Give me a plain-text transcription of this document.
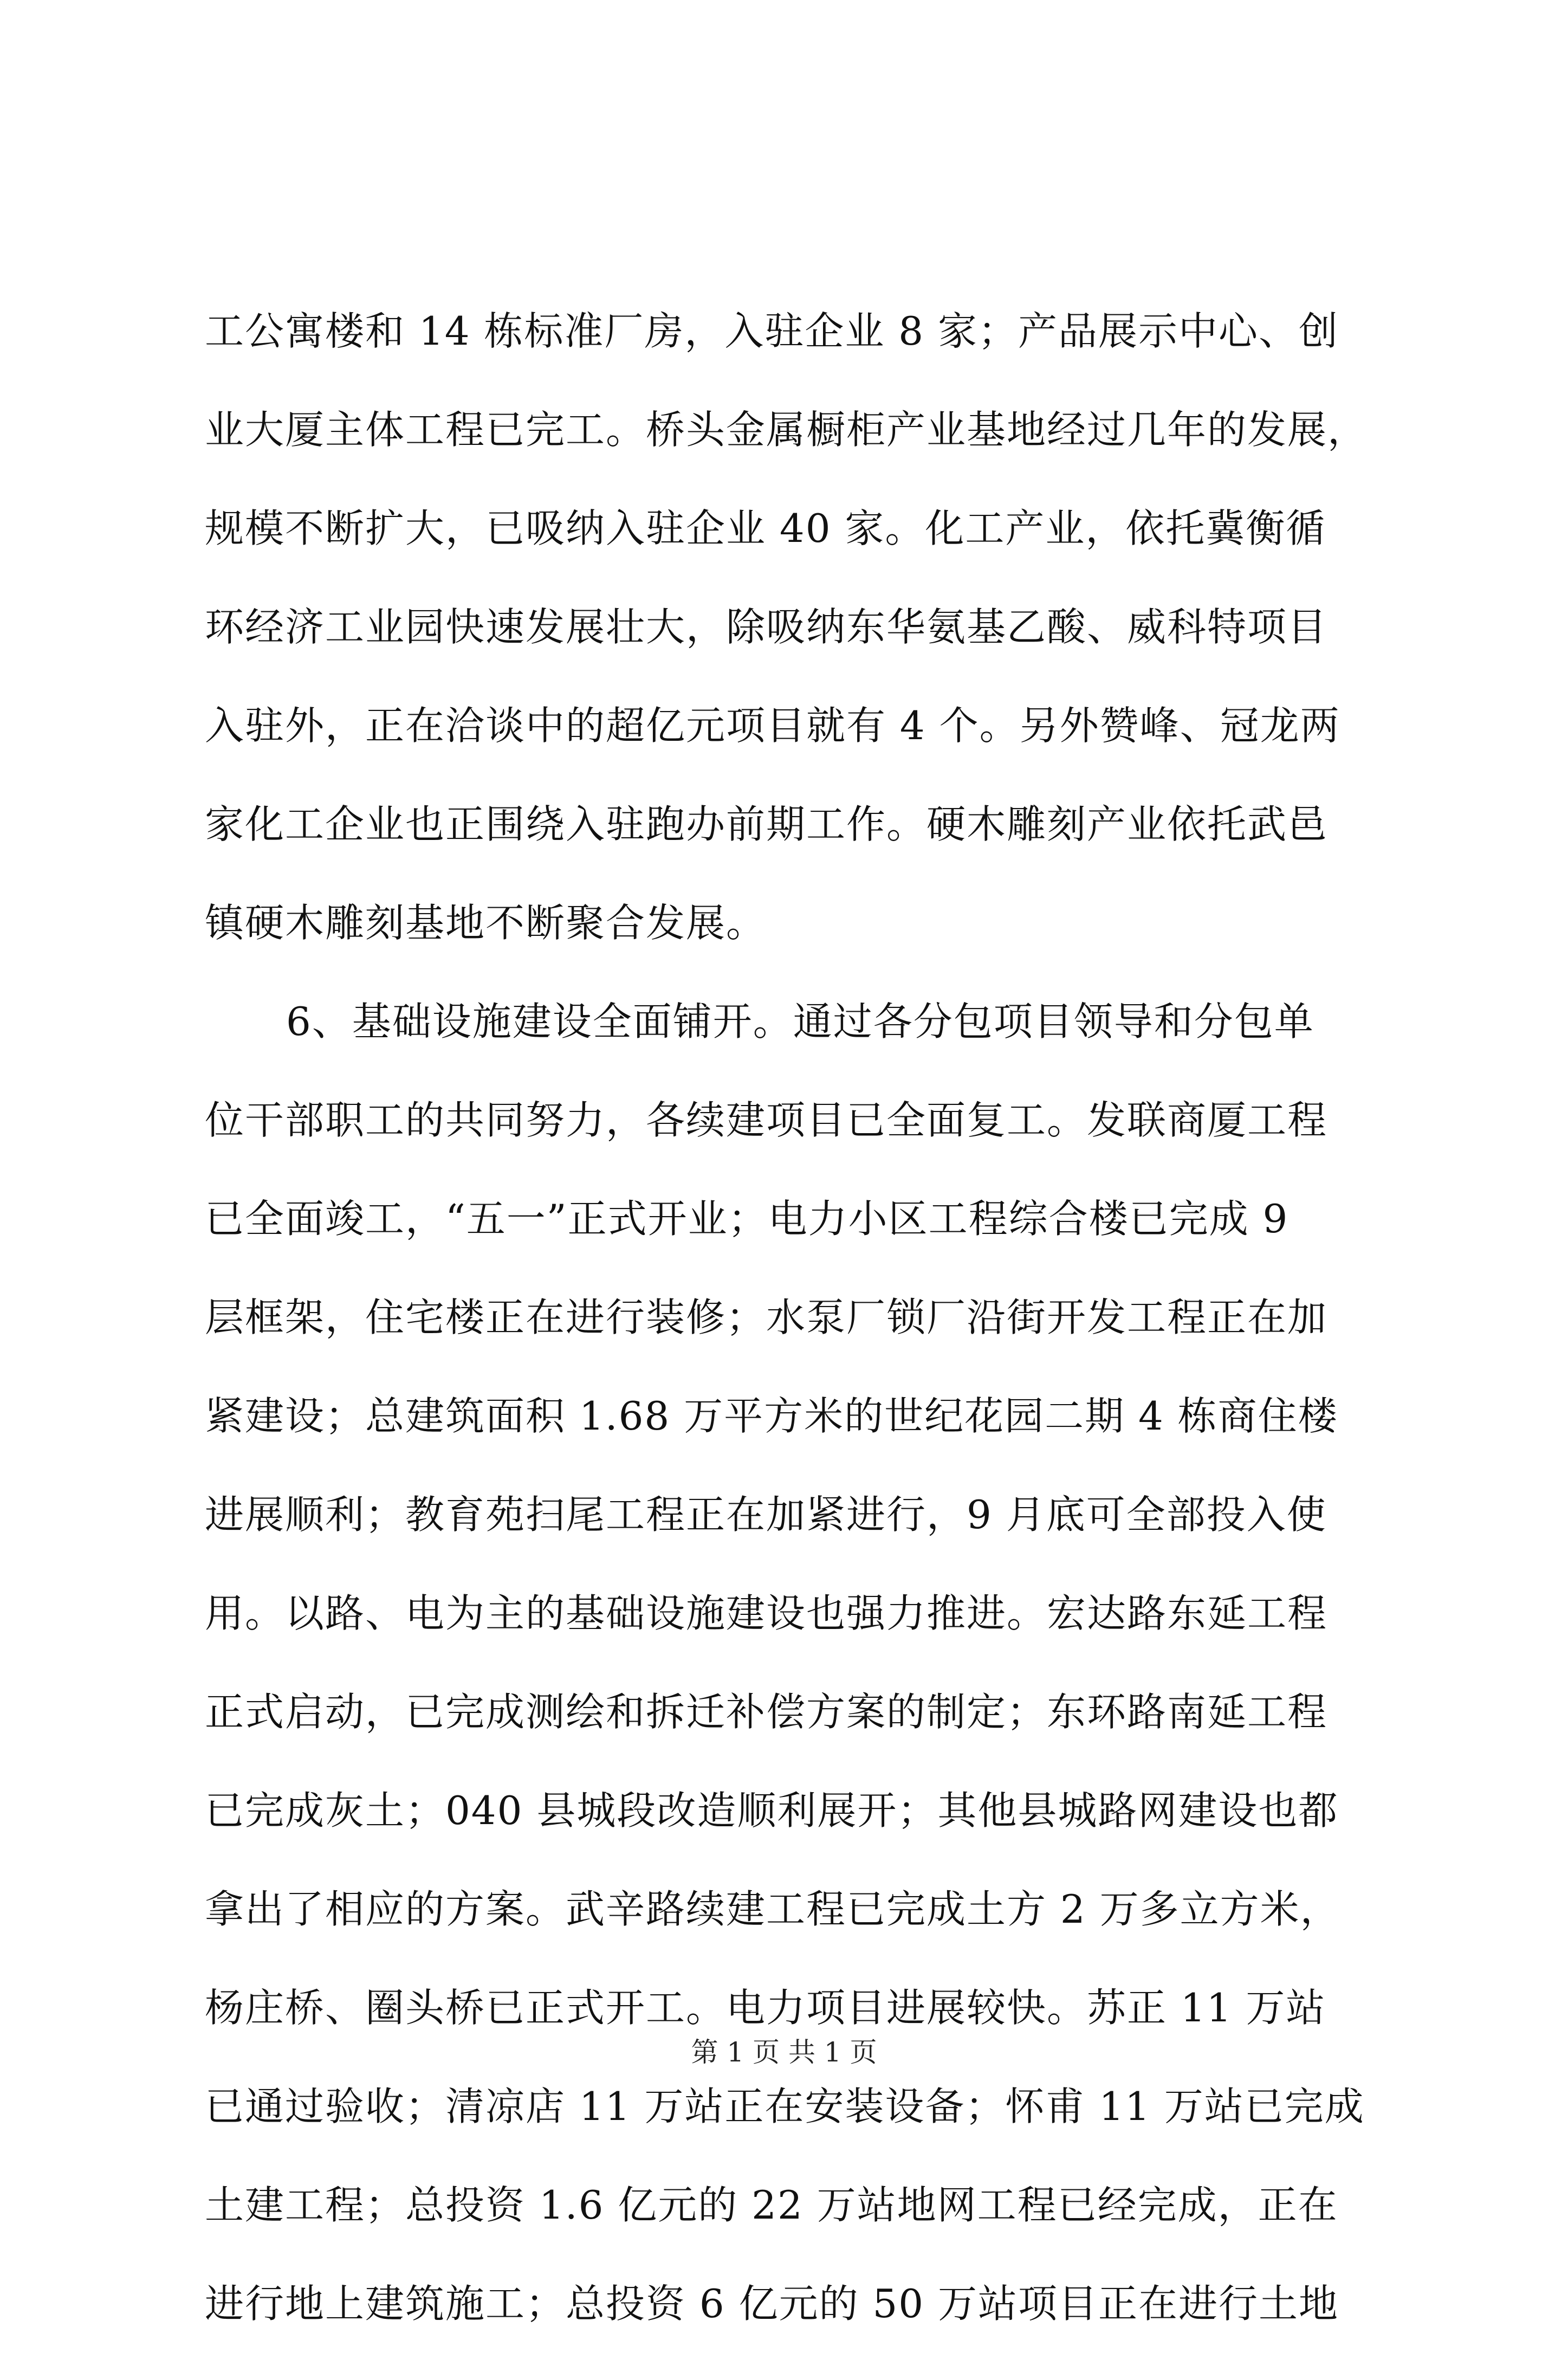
工公寓楼和 14 栋标准厂房，入驻企业 8 家；产品展示中心、创
业大厦主体工程已完工。桥头金属橱柜产业基地经过几年的发展，
规模不断扩大，已吸纳入驻企业 40 家。化工产业，依托冀衡循
环经济工业园快速发展壮大，除吸纳东华氨基乙酸、威科特项目
入驻外，正在洽谈中的超亿元项目就有 4 个。另外赞峰、冠龙两
家化工企业也正围绕入驻跑办前期工作。硬木雕刻产业依托武邑
镇硬木雕刻基地不断聚合发展。
6、基础设施建设全面铺开。通过各分包项目领导和分包单
位干部职工的共同努力，各续建项目已全面复工。发联商厦工程
已全面竣工，“五一”正式开业；电力小区工程综合楼已完成 9
层框架，住宅楼正在进行装修；水泵厂锁厂沿街开发工程正在加
紧建设；总建筑面积 1.68 万平方米的世纪花园二期 4 栋商住楼
进展顺利；教育苑扫尾工程正在加紧进行，9 月底可全部投入使
用。以路、电为主的基础设施建设也强力推进。宏达路东延工程
正式启动，已完成测绘和拆迁补偿方案的制定；东环路南延工程
已完成灰土；040 县城段改造顺利展开；其他县城路网建设也都
拿出了相应的方案。武辛路续建工程已完成土方 2 万多立方米，
杨庄桥、圈头桥已正式开工。电力项目进展较快。苏正 11 万站
已通过验收；清凉店 11 万站正在安装设备；怀甫 11 万站已完成
土建工程；总投资 1.6 亿元的 22 万站地网工程已经完成，正在
进行地上建筑施工；总投资 6 亿元的 50 万站项目正在进行土地
第 1 页 共 1 页
